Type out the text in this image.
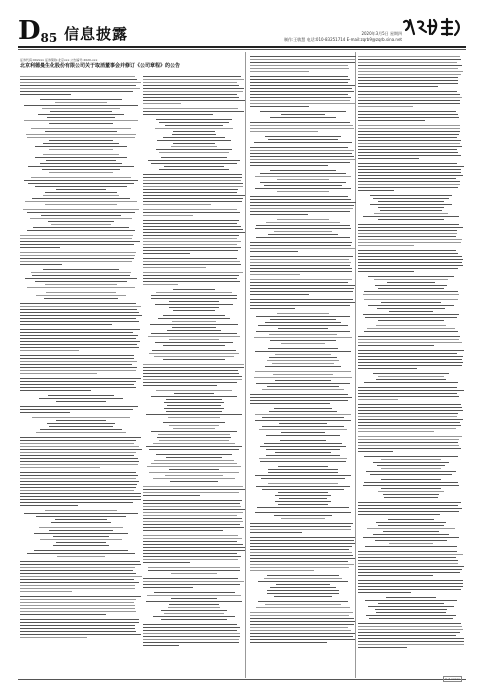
D85 信息披露	2020年3月5日 星期四
制作:王敏慧 电话:010-83251714 E-mail:zqrb9@zqrb.sina.net
证券代码:002xxx 证券简称:北京xxx 公告编号:2020-xxx
北京利德曼生化股份有限公司关于取消董事会并修订《公司章程》的公告
C-2 xxxxx
